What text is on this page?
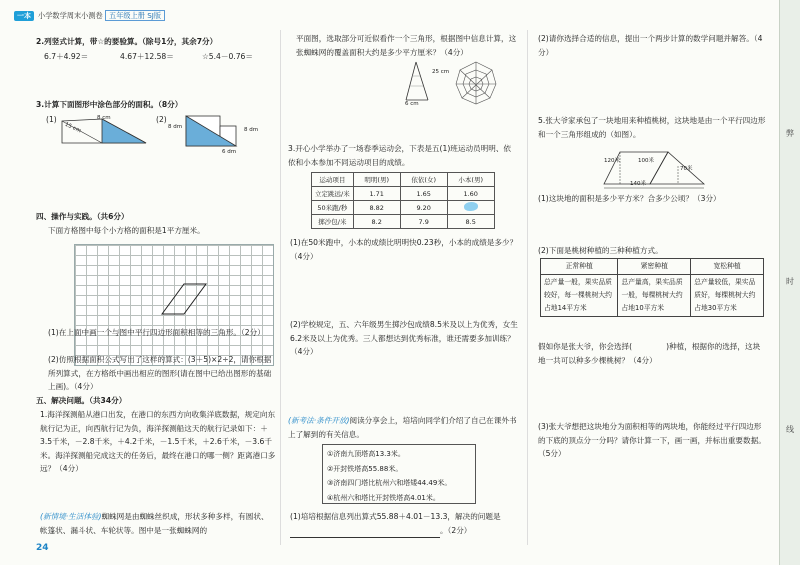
一本 小学数学周末小测卷 五年级上册 SJ版
2.列竖式计算，带☆的要验算。（除号1分，其余7分）
6.7＋4.92＝	4.67＋12.58＝	☆5.4－0.76＝
3.计算下面图形中涂色部分的面积。（8分）
(1)
15 cm
8 cm	(2)
8 dm	8 dm
6 dm
四、操作与实践。（共6分）
下面方格图中每个小方格的面积是1平方厘米。
(1)在上面中画一个与图中平行四边形面积相等的三角形。（2分）
(2)仿照根据面积公式写出了这样的算式：(3＋5)×2÷2，请你根据所列算式，在方格纸中画出相应的图形(请在图中已给出图形的基础上画)。（4分）
五、解决问题。（共34分）
1.海洋探测船从港口出发，在港口的东西方向收集洋底数据，规定向东航行记为正，向西航行记为负，海洋探测船这天的航行记录如下：＋3.5千米，－2.8千米，＋4.2千米，－1.5千米，＋2.6千米，－3.6千米。海洋探测船完成这天的任务后，最终在港口的哪一侧？距离港口多远？（4分）
(新情境·生活体验)蜘蛛网是由蜘蛛丝织成，形状多种多样，有圆状、帐篷状、漏斗状、车轮状等。图中是一张蜘蛛网的
24
平面图，选取部分可近似看作一个三角形，根据图中信息计算，这张蜘蛛网的覆盖面积大约是多少平方厘米？（4分）
25 cm
6 cm
3.开心小学举办了一场春季运动会，下表是五(1)班运动员明明、依依和小本参加不同运动项目的成绩。
运动项目	明明(男)	依依(女)	小本(男)
立定跳远/米	1.71	1.65	1.60
50米跑/秒	8.82	9.20	
掷沙包/米	8.2	7.9	8.5
(1)在50米跑中，小本的成绩比明明快0.23秒，小本的成绩是多少？（4分）
(2)学校规定，五、六年级男生掷沙包成绩8.5米及以上为优秀，女生6.2米及以上为优秀。三人都想达到优秀标准，谁还需要多加训练？（4分）
(新考法·条件开放)阅读分享会上，培培向同学们介绍了自己在课外书上了解到的有关信息。
①济南九顶塔高13.3米。
②开封铁塔高55.88米。
③济南四门塔比杭州六和塔矮44.49米。
④杭州六和塔比开封铁塔高4.01米。
(1)培培根据信息列出算式55.88＋4.01－13.3，解决的问题是  。（2分）
(2)请你选择合适的信息，提出一个两步计算的数学问题并解答。（4分）
5.张大爷家承包了一块地用来种植桃树，这块地是由一个平行四边形和一个三角形组成的（如图）。
120米	100米
140米
70米
(1)这块地的面积是多少平方米？合多少公顷？（3分）
(2)下面是桃树种植的三种种植方式。
正常种植	紧密种植	宽松种植
总产量一般，果实品质较好，每一棵桃树大约占地14平方米	总产量高，果实品质一般，每棵桃树大约占地10平方米	总产量较低，果实品质好，每棵桃树大约占地30平方米
假如你是张大爷，你会选择(	)种植，根据你的选择，这块地一共可以种多少棵桃树？（4分）
(3)张大爷想把这块地分为面积相等的两块地，你能经过平行四边形的下底的顶点分一分吗？请你计算一下，画一画，并标出重要数据。（5分）
弊
时
线
